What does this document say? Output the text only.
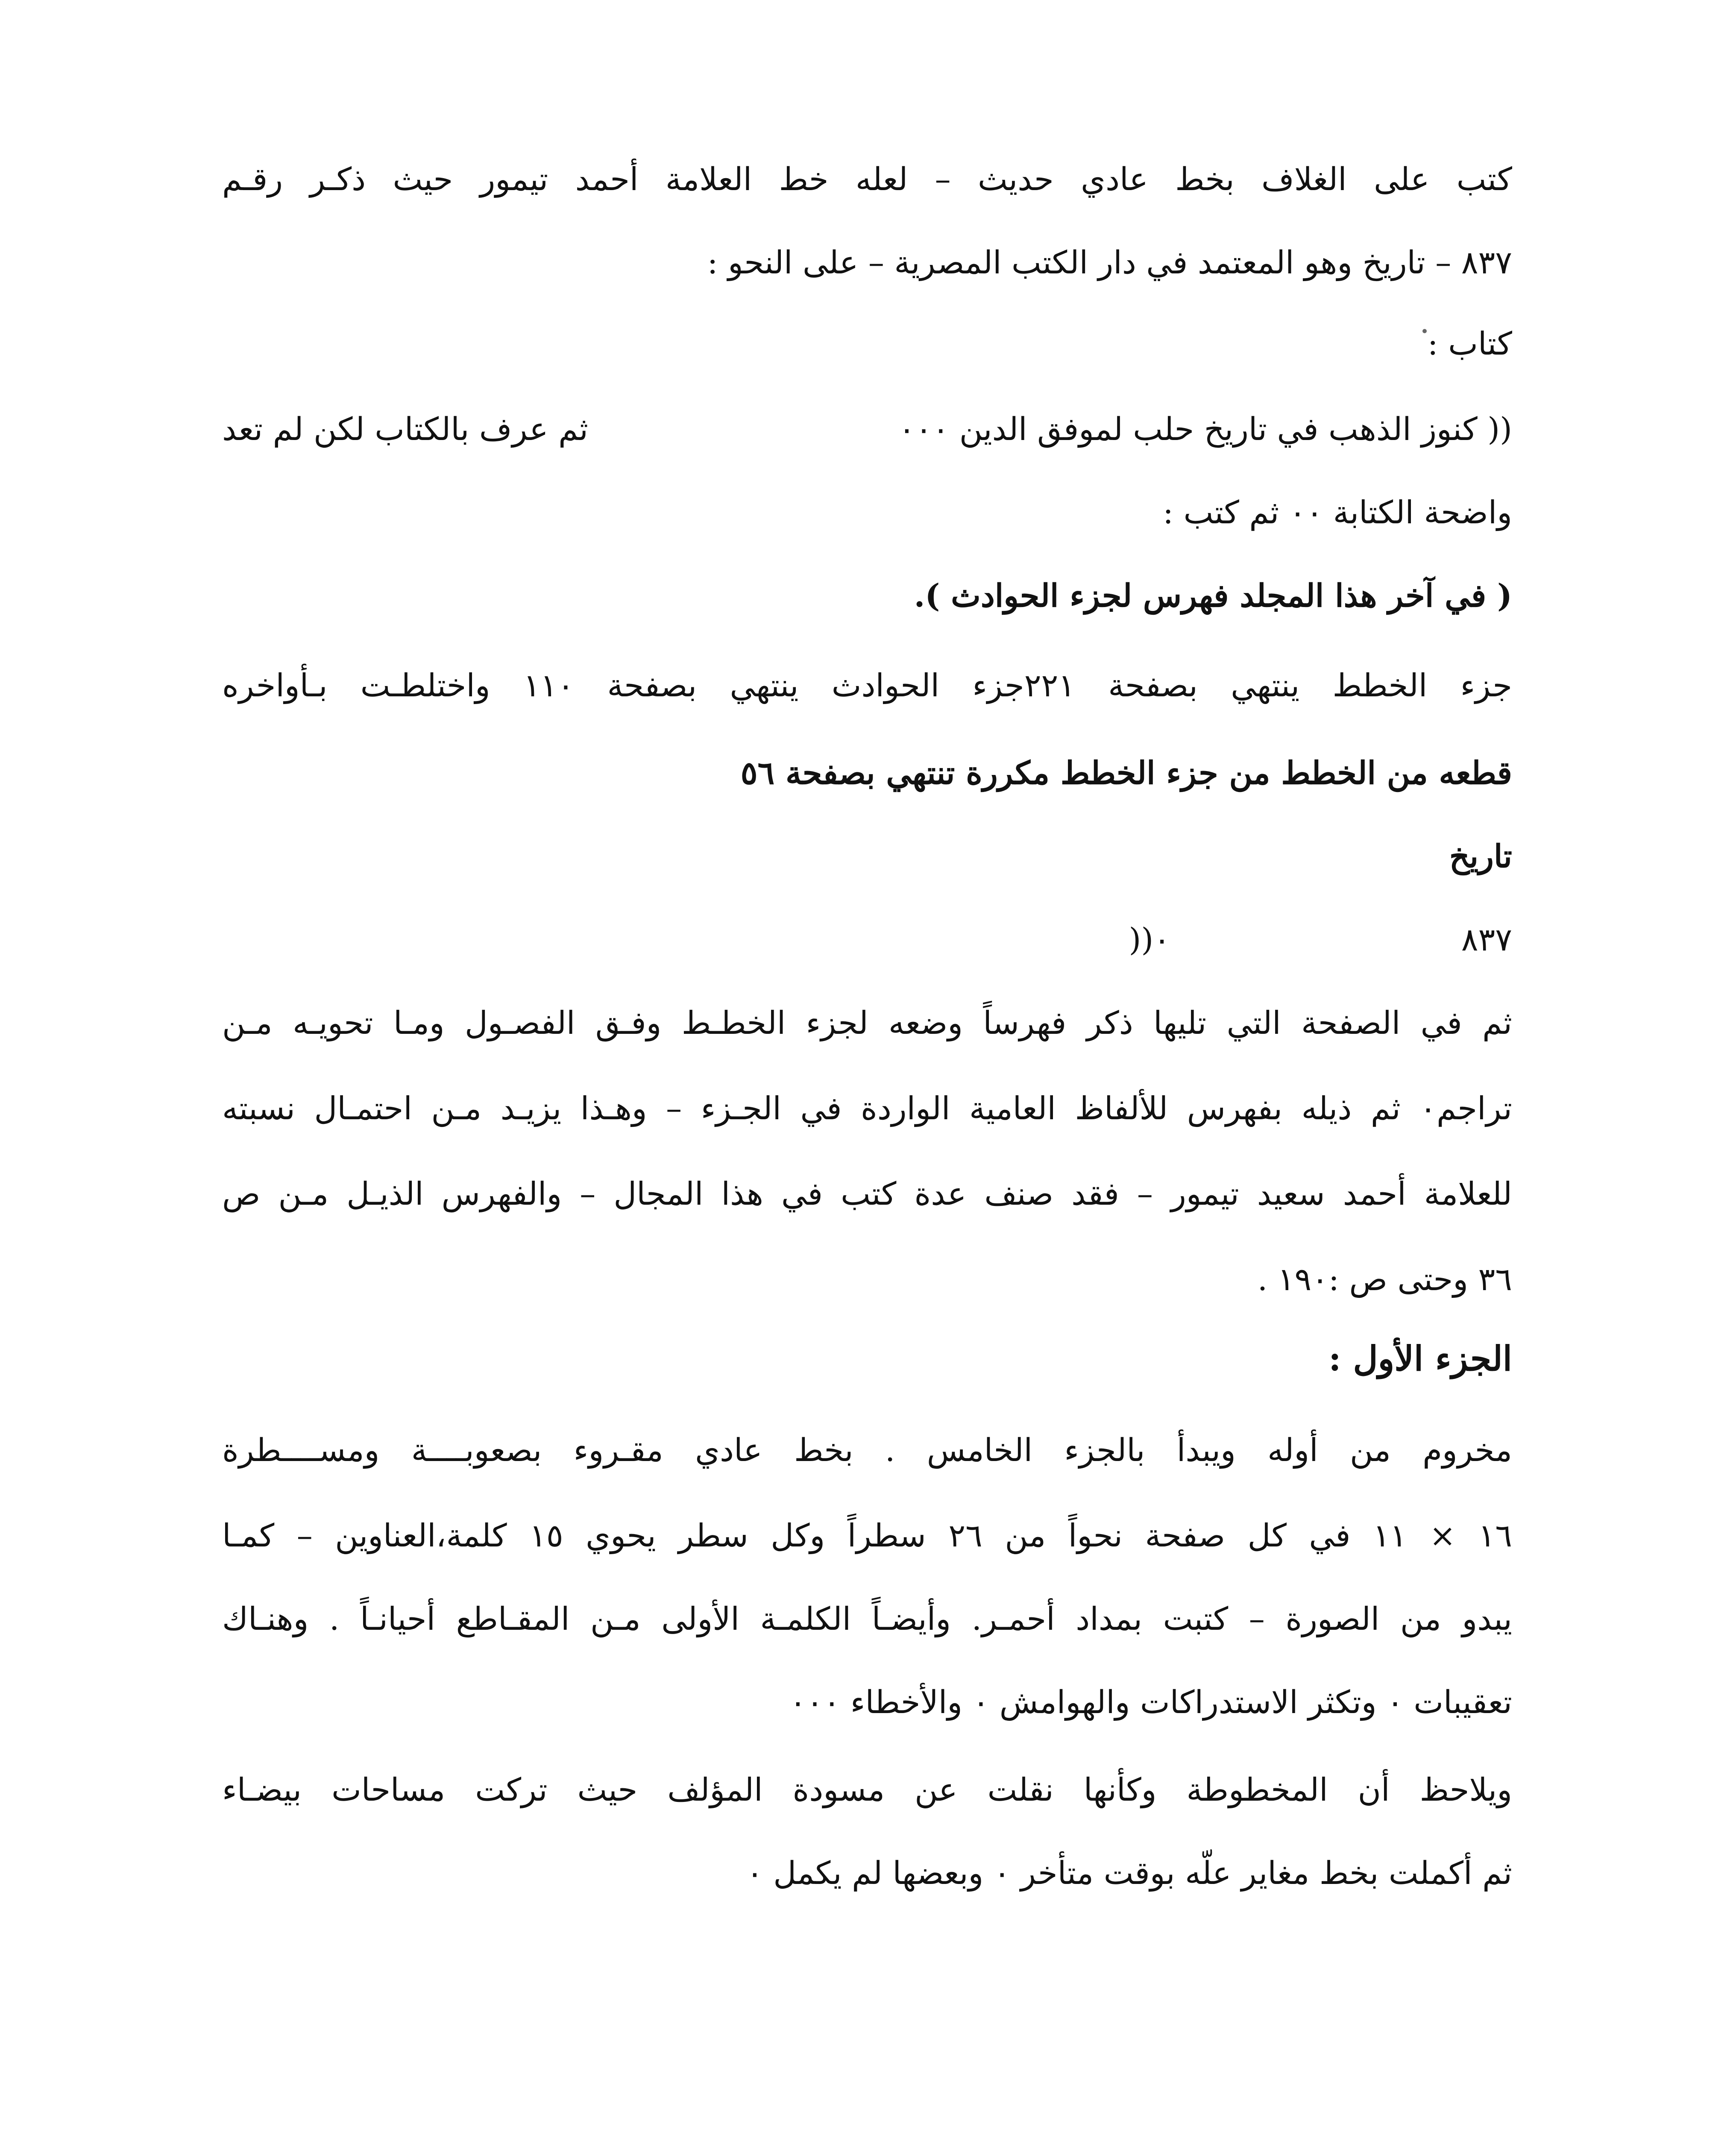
كتب على الغلاف بخط عادي حديث – لعله خط العلامة أحمد تيمور حيث ذكـر رقـم
٨٣٧ – تاريخ وهو المعتمد في دار الكتب المصرية – على النحو :
كتاب :
(( كنوز الذهب في تاريخ حلب لموفق الدين ٠٠٠
ثم عرف بالكتاب لكن لم تعد
واضحة الكتابة ٠٠ ثم كتب :
( في آخر هذا المجلد فهرس لجزء الحوادث ).
جزء الخطط ينتهي بصفحة ٢٢١جزء الحوادث ينتهي بصفحة ١١٠ واختلطـت بـأواخره
قطعه من الخطط من جزء الخطط مكررة تنتهي بصفحة ٥٦
تاريخ
٨٣٧
٠((
ثم في الصفحة التي تليها ذكر فهرساً وضعه لجزء الخطـط وفـق الفصـول ومـا تحويـه مـن
تراجم٠ ثم ذيله بفهرس للألفاظ العامية الواردة في الجـزء – وهـذا يزيـد مـن احتمـال نسبته
للعلامة أحمد سعيد تيمور – فقد صنف عدة كتب في هذا المجال – والفهرس الذيـل مـن ص
٣٦ وحتى ص :١٩٠ .
الجزء الأول :
مخروم من أوله ويبدأ بالجزء الخامس . بخط عادي مقـروء بصعوبــــة ومســــطرة
١٦ × ١١ في كل صفحة نحواً من ٢٦ سطراً وكل سطر يحوي ١٥ كلمة،العناوين – كمـا
يبدو من الصورة – كتبت بمداد أحمـر. وأيضـاً الكلمـة الأولى مـن المقـاطع أحيانـاً . وهنـاك
تعقيبات ٠ وتكثر الاستدراكات والهوامش ٠ والأخطاء ٠٠٠
ويلاحظ أن المخطوطة وكأنها نقلت عن مسودة المؤلف حيث تركت مساحات بيضـاء
ثم أكملت بخط مغاير علّه بوقت متأخر ٠ وبعضها لم يكمل ٠
